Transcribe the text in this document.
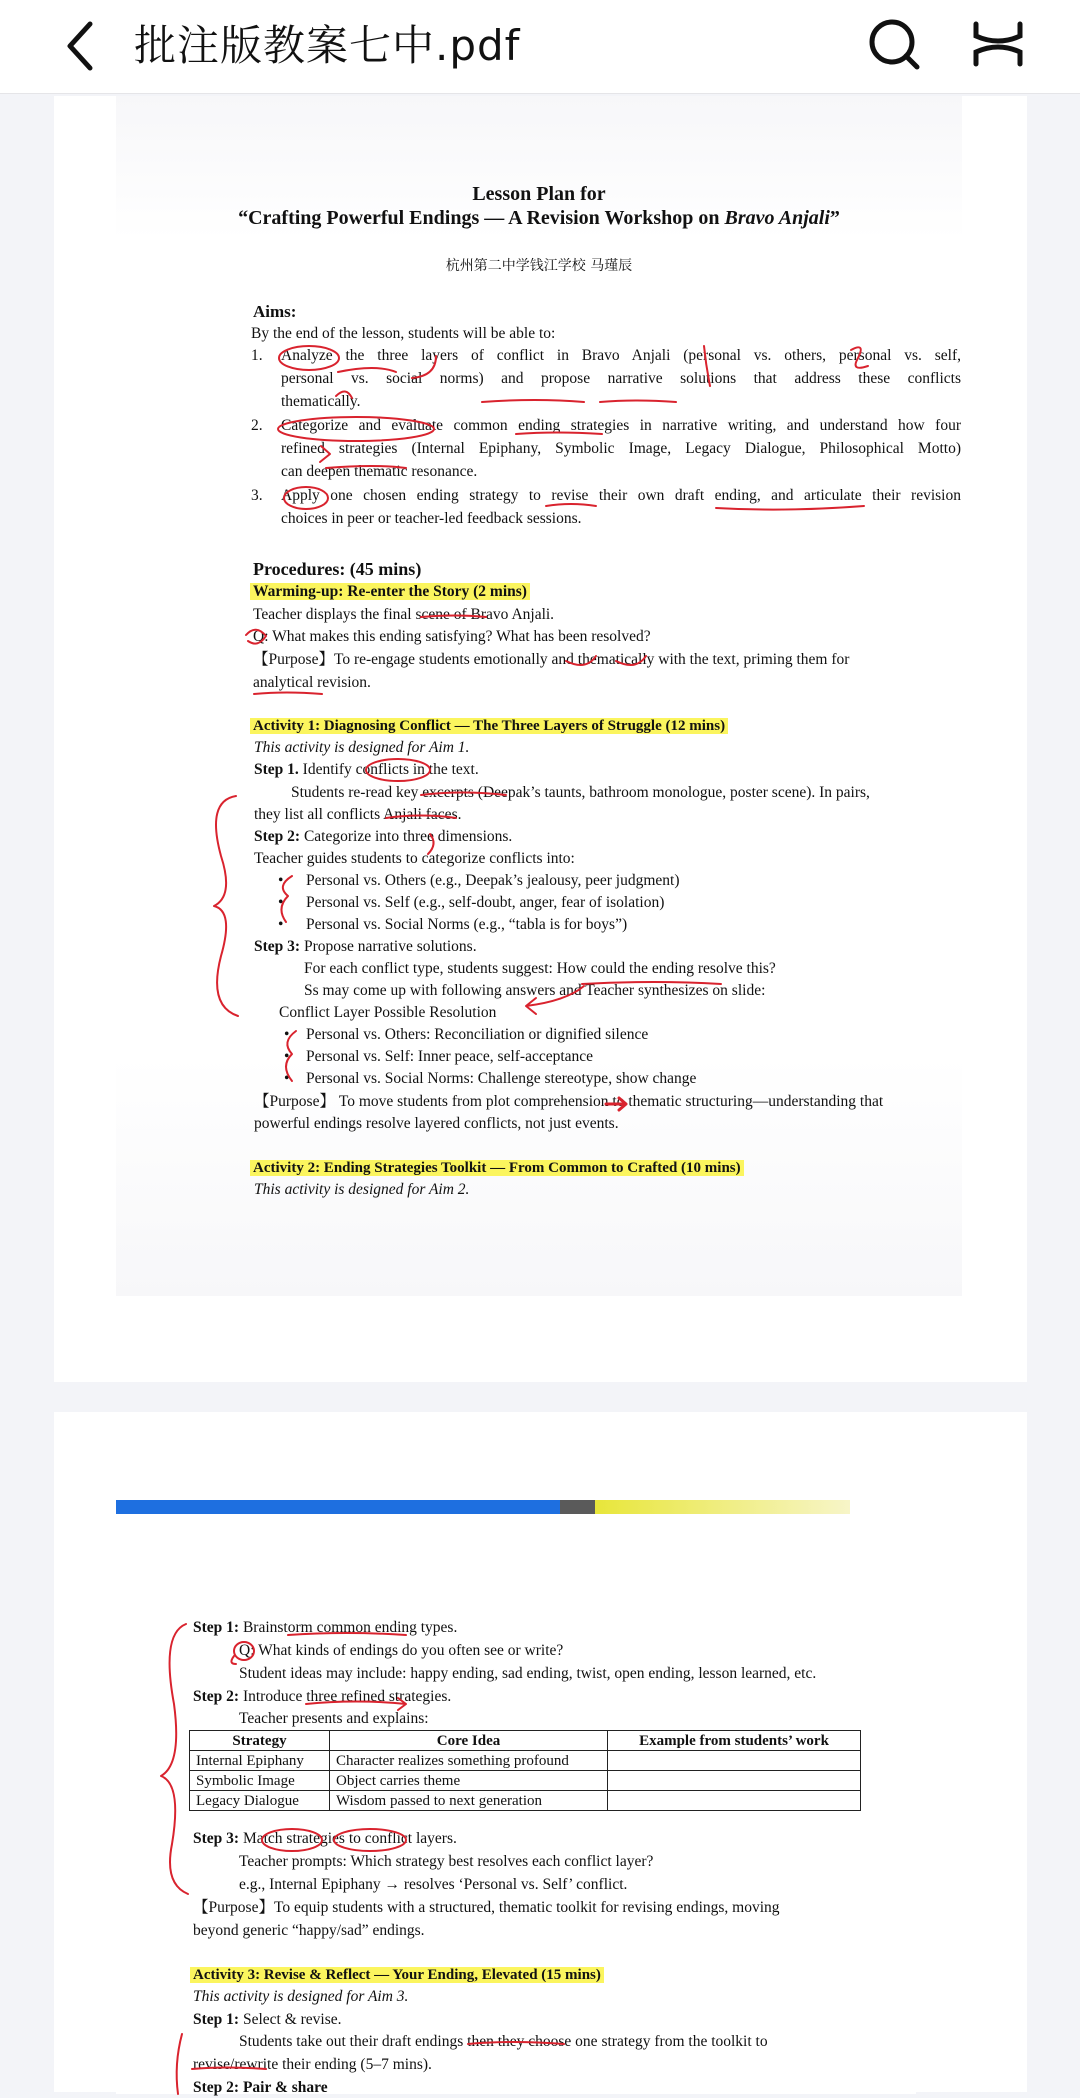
批注版教案七中.pdf
Lesson Plan for
“Crafting Powerful Endings — A Revision Workshop on Bravo Anjali”
杭州第二中学钱江学校 马瑾辰
Aims:
By the end of the lesson, students will be able to:
1. Analyze the three layers of conflict in Bravo Anjali (personal vs. others, personal vs. self,
personal vs. social norms) and propose narrative solutions that address these conflicts
thematically.
2. Categorize and evaluate common ending strategies in narrative writing, and understand how four
refined strategies (Internal Epiphany, Symbolic Image, Legacy Dialogue, Philosophical Motto)
can deepen thematic resonance.
3. Apply one chosen ending strategy to revise their own draft ending, and articulate their revision
choices in peer or teacher-led feedback sessions.
Procedures: (45 mins)
Warming-up: Re-enter the Story (2 mins)
Teacher displays the final scene of Bravo Anjali.
Q: What makes this ending satisfying? What has been resolved?
【Purpose】To re-engage students emotionally and thematically with the text, priming them for
analytical revision.
Activity 1: Diagnosing Conflict — The Three Layers of Struggle (12 mins)
This activity is designed for Aim 1.
Step 1. Identify conflicts in the text.
Students re-read key excerpts (Deepak’s taunts, bathroom monologue, poster scene). In pairs,
they list all conflicts Anjali faces.
Step 2: Categorize into three dimensions.
Teacher guides students to categorize conflicts into:
• Personal vs. Others (e.g., Deepak’s jealousy, peer judgment)
• Personal vs. Self (e.g., self-doubt, anger, fear of isolation)
• Personal vs. Social Norms (e.g., “tabla is for boys”)
Step 3: Propose narrative solutions.
For each conflict type, students suggest: How could the ending resolve this?
Ss may come up with following answers and Teacher synthesizes on slide:
Conflict Layer Possible Resolution
• Personal vs. Others: Reconciliation or dignified silence
• Personal vs. Self: Inner peace, self-acceptance
• Personal vs. Social Norms: Challenge stereotype, show change
【Purpose】 To move students from plot comprehension to thematic structuring—understanding that
powerful endings resolve layered conflicts, not just events.
Activity 2: Ending Strategies Toolkit — From Common to Crafted (10 mins)
This activity is designed for Aim 2.
Step 1: Brainstorm common ending types.
Q: What kinds of endings do you often see or write?
Student ideas may include: happy ending, sad ending, twist, open ending, lesson learned, etc.
Step 2: Introduce three refined strategies.
Teacher presents and explains:
Strategy	Core Idea	Example from students’ work
Internal Epiphany	Character realizes something profound	
Symbolic Image	Object carries theme	
Legacy Dialogue	Wisdom passed to next generation	
Step 3: Match strategies to conflict layers.
Teacher prompts: Which strategy best resolves each conflict layer?
e.g., Internal Epiphany → resolves ‘Personal vs. Self’ conflict.
【Purpose】To equip students with a structured, thematic toolkit for revising endings, moving
beyond generic “happy/sad” endings.
Activity 3: Revise & Reflect — Your Ending, Elevated (15 mins)
This activity is designed for Aim 3.
Step 1: Select & revise.
Students take out their draft endings then they choose one strategy from the toolkit to
revise/rewrite their ending (5–7 mins).
Step 2: Pair & share
